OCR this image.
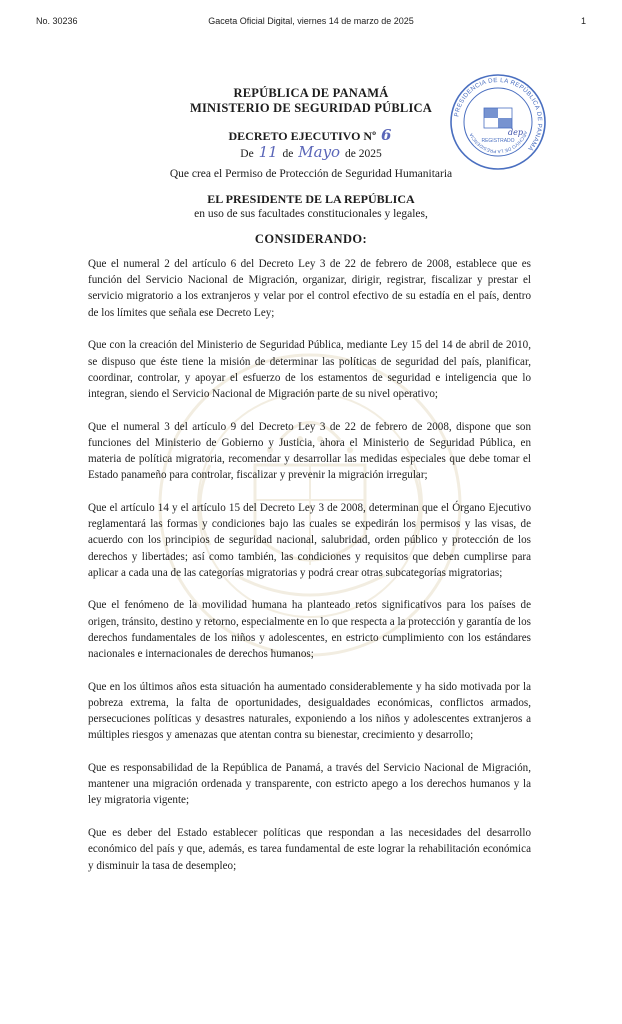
No. 30236	Gaceta Oficial Digital, viernes 14 de marzo de 2025	1
PRESIDENCIA DE LA REPÚBLICA DE PANAMÁ
ARCHIVO DE LA PRESIDENCIA
REGISTRADO
dep
REPÚBLICA DE PANAMÁ
MINISTERIO DE SEGURIDAD PÚBLICA
DECRETO EJECUTIVO Nº 6
De 11 de Mayo de 2025
Que crea el Permiso de Protección de Seguridad Humanitaria
EL PRESIDENTE DE LA REPÚBLICA
en uso de sus facultades constitucionales y legales,
CONSIDERANDO:

Que el numeral 2 del artículo 6 del Decreto Ley 3 de 22 de febrero de 2008, establece que es función del Servicio Nacional de Migración, organizar, dirigir, registrar, fiscalizar y prestar el servicio migratorio a los extranjeros y velar por el control efectivo de su estadía en el país, dentro de los límites que señala ese Decreto Ley;

Que con la creación del Ministerio de Seguridad Pública, mediante Ley 15 del 14 de abril de 2010, se dispuso que éste tiene la misión de determinar las políticas de seguridad del país, planificar, coordinar, controlar, y apoyar el esfuerzo de los estamentos de seguridad e inteligencia que lo integran, siendo el Servicio Nacional de Migración parte de su nivel operativo;

Que el numeral 3 del artículo 9 del Decreto Ley 3 de 22 de febrero de 2008, dispone que son funciones del Ministerio de Gobierno y Justicia, ahora el Ministerio de Seguridad Pública, en materia de política migratoria, recomendar y desarrollar las medidas especiales que debe tomar el Estado panameño para controlar, fiscalizar y prevenir la migración irregular;

Que el artículo 14 y el artículo 15 del Decreto Ley 3 de 2008, determinan que el Órgano Ejecutivo reglamentará las formas y condiciones bajo las cuales se expedirán los permisos y las visas, de acuerdo con los principios de seguridad nacional, salubridad, orden público y protección de los derechos y libertades; así como también, las condiciones y requisitos que deben cumplirse para aplicar a cada una de las categorías migratorias y podrá crear otras subcategorías migratorias;

Que el fenómeno de la movilidad humana ha planteado retos significativos para los países de origen, tránsito, destino y retorno, especialmente en lo que respecta a la protección y garantía de los derechos fundamentales de los niños y adolescentes, en estricto cumplimiento con los estándares nacionales e internacionales de derechos humanos;

Que en los últimos años esta situación ha aumentado considerablemente y ha sido motivada por la pobreza extrema, la falta de oportunidades, desigualdades económicas, conflictos armados, persecuciones políticas y desastres naturales, exponiendo a los niños y adolescentes extranjeros a múltiples riesgos y amenazas que atentan contra su bienestar, crecimiento y desarrollo;

Que es responsabilidad de la República de Panamá, a través del Servicio Nacional de Migración, mantener una migración ordenada y transparente, con estricto apego a los derechos humanos y la ley migratoria vigente;

Que es deber del Estado establecer políticas que respondan a las necesidades del desarrollo económico del país y que, además, es tarea fundamental de este lograr la rehabilitación económica y disminuir la tasa de desempleo;
